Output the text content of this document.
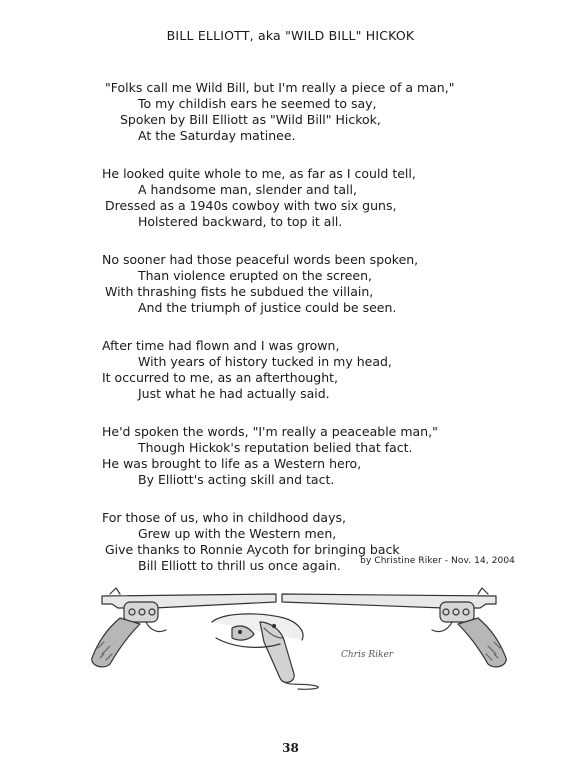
BILL ELLIOTT, aka "WILD BILL" HICKOK
"Folks call me Wild Bill, but I'm really a piece of a man,"
To my childish ears he seemed to say,
Spoken by Bill Elliott as "Wild Bill" Hickok,
At the Saturday matinee.
He looked quite whole to me, as far as I could tell,
A handsome man, slender and tall,
Dressed as a 1940s cowboy with two six guns,
Holstered backward, to top it all.
No sooner had those peaceful words been spoken,
Than violence erupted on the screen,
With thrashing fists he subdued the villain,
And the triumph of justice could be seen.
After time had flown and I was grown,
With years of history tucked in my head,
It occurred to me, as an afterthought,
Just what he had actually said.
He'd spoken the words, "I'm really a peaceable man,"
Though Hickok's reputation belied that fact.
He was brought to life as a Western hero,
By Elliott's acting skill and tact.
For those of us, who in childhood days,
Grew up with the Western men,
Give thanks to Ronnie Aycoth for bringing back
Bill Elliott to thrill us once again.	by Christine Riker - Nov. 14, 2004
Chris Riker
38
